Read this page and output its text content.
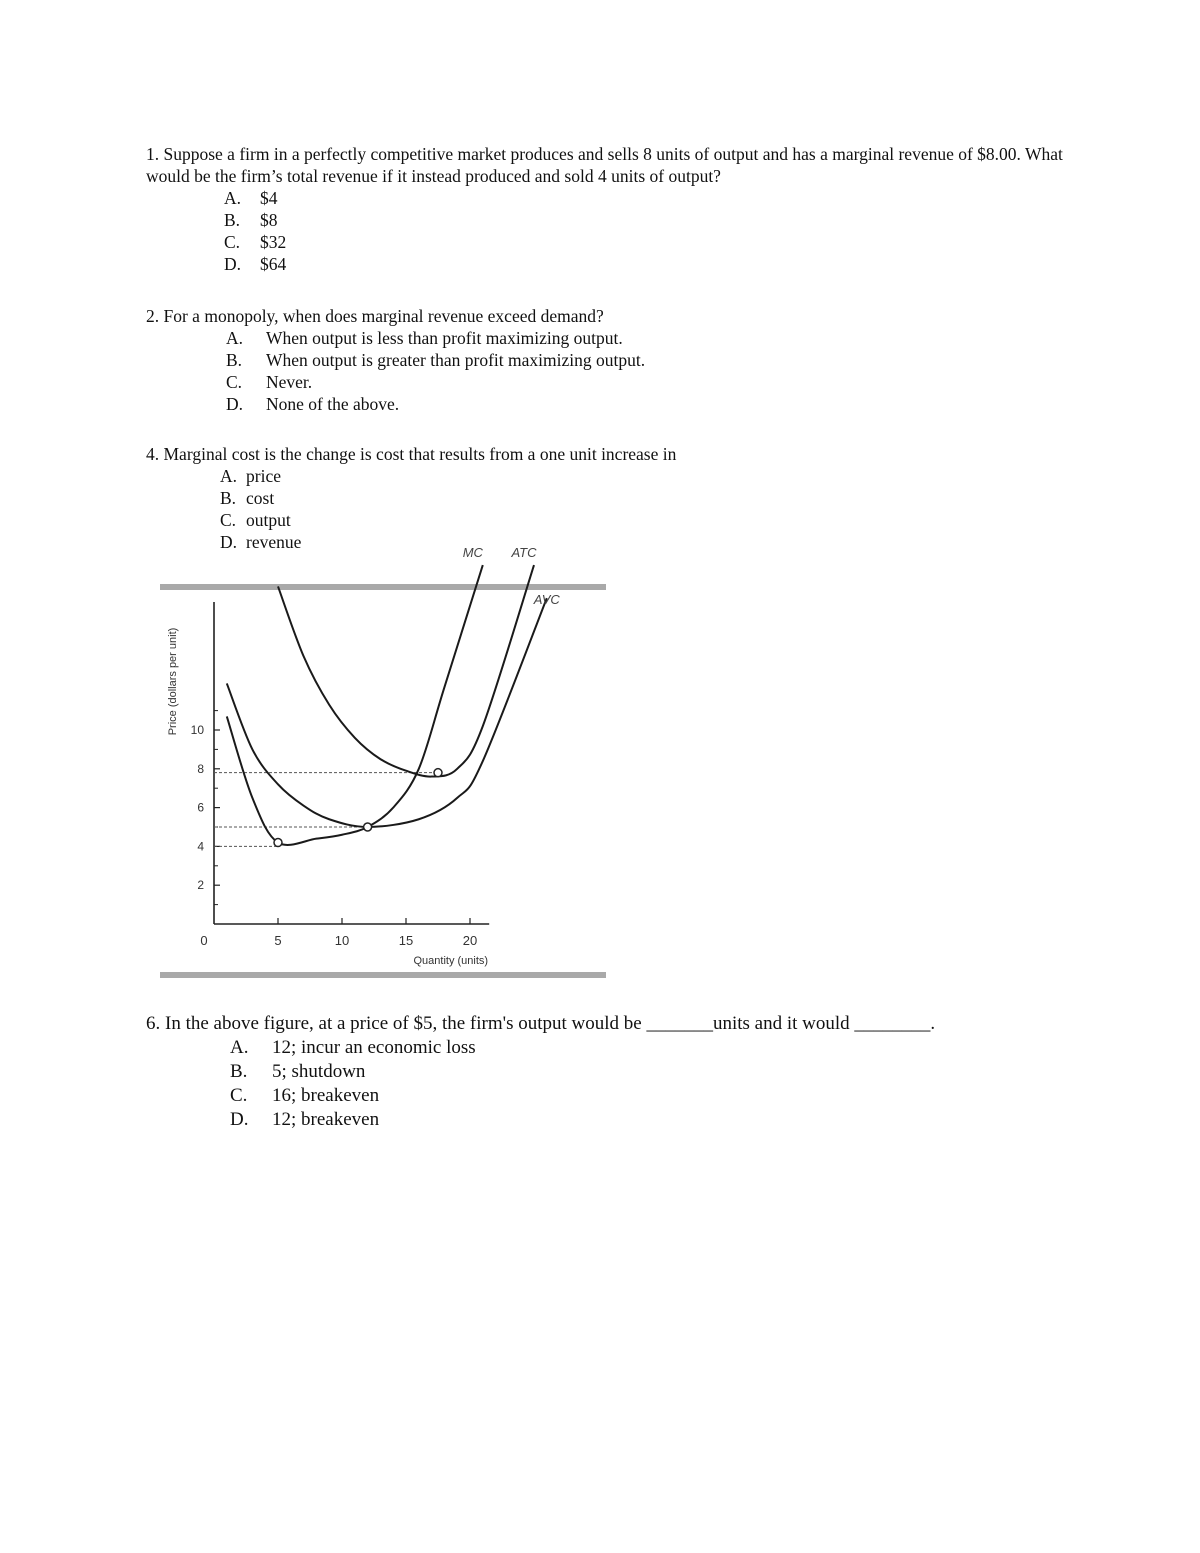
1. Suppose a firm in a perfectly competitive market produces and sells 8 units of output and has a marginal revenue of $8.00. What would be the firm’s total revenue if it instead produced and sold 4 units of output?

A.	$4
B.	$8
C.	$32
D.	$64

2. For a monopoly, when does marginal revenue exceed demand?

A.	When output is less than profit maximizing output.
B.	When output is greater than profit maximizing output.
C.	Never.
D.	None of the above.

4. Marginal cost is the change is cost that results from a one unit increase in

A. price
B. cost
C. output
D. revenue
2
4
6
8
10
0	5	10	15	20
Quantity (units)
Price (dollars per unit)
MC ATC
AVC

6. In the above figure, at a price of $5, the firm's output would be _______units and it would ________.

A.	12; incur an economic loss
B.	5; shutdown
C.	16; breakeven
D.	12; breakeven
